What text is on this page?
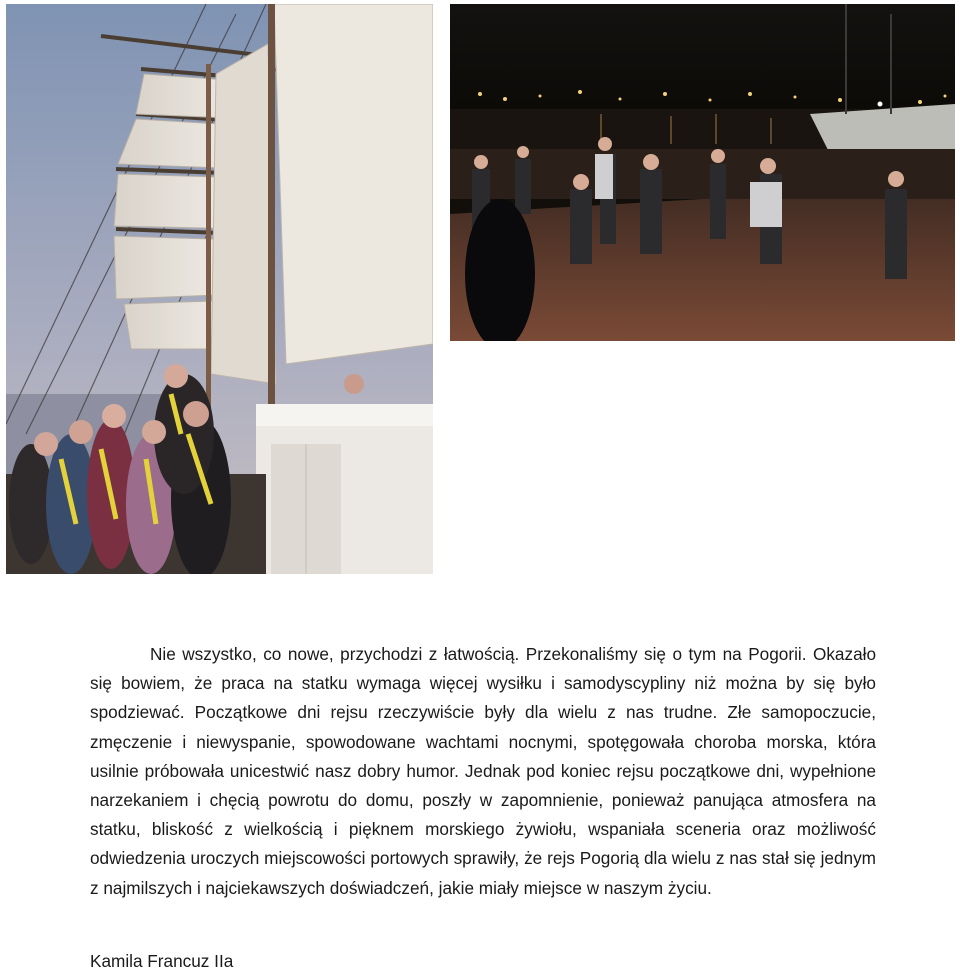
Nie wszystko, co nowe, przychodzi z łatwością. Przekonaliśmy się o tym na Pogorii. Okazało się bowiem, że praca na statku wymaga więcej wysiłku i samodyscypliny niż można by się było spodziewać. Początkowe dni rejsu rzeczywiście były dla wielu z nas trudne. Złe samopoczucie, zmęczenie i niewyspanie, spowodowane wachtami nocnymi, spotęgowała choroba morska, która usilnie próbowała unicestwić nasz dobry humor. Jednak pod koniec rejsu początkowe dni, wypełnione narzekaniem i chęcią powrotu do domu, poszły w zapomnienie, ponieważ panująca atmosfera na statku, bliskość z wielkością i pięknem morskiego żywiołu, wspaniała sceneria oraz możliwość odwiedzenia uroczych miejscowości portowych sprawiły, że rejs Pogorią dla wielu z nas stał się jednym z najmilszych i najciekawszych doświadczeń, jakie miały miejsce w naszym życiu.

Kamila Francuz IIa
